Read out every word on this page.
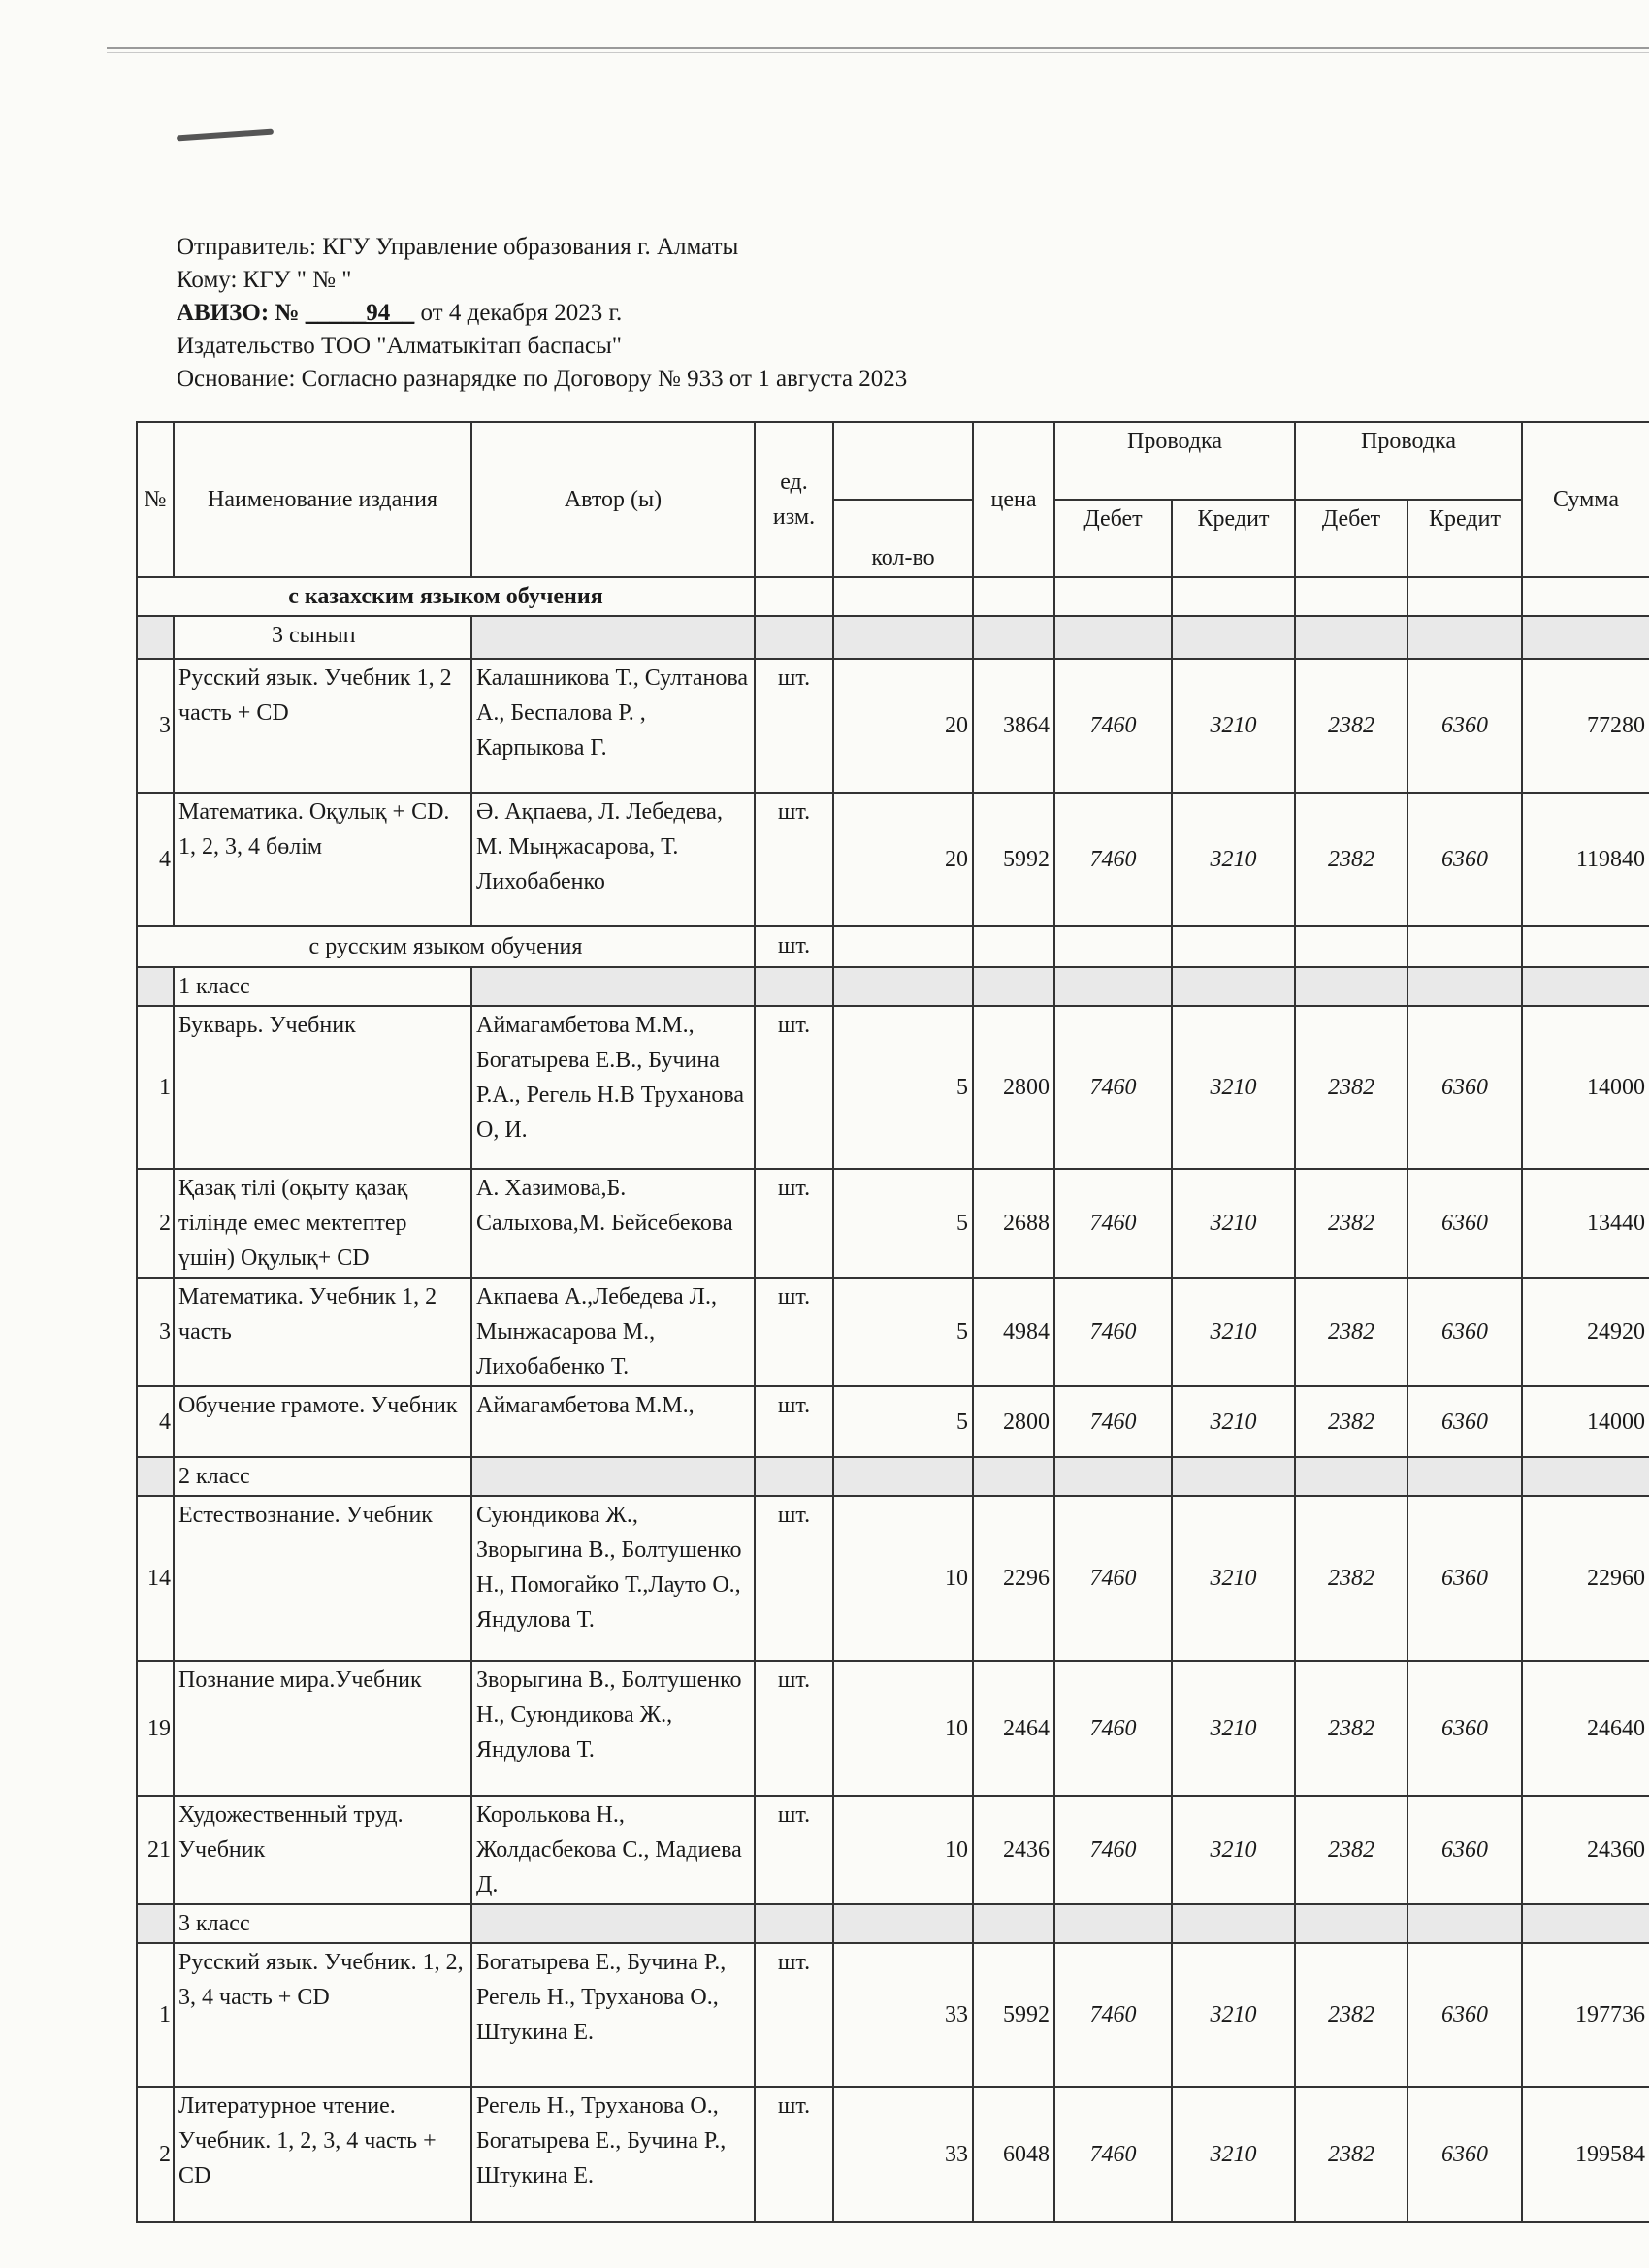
Отправитель: КГУ Управление образования г. Алматы
Кому: КГУ " № "
АВИЗО: № _____94__ от 4 декабря 2023 г.
Издательство ТОО "Алматыкітап баспасы"
Основание: Согласно разнарядке по Договору № 933 от 1 августа 2023
№	Наименование издания	Автор (ы)	ед. изм.		цена	Проводка		Проводка		Сумма
				кол-во		Дебет	Кредит	Дебет	Кредит	
с казахским языком обучения										
	3 сынып									
3	Русский язык. Учебник 1, 2 часть + CD	Калашникова Т., Султанова А., Беспалова Р. , Карпыкова Г.	шт.	20	3864	7460	3210	2382	6360	77280
4	Математика. Оқулық + CD. 1, 2, 3, 4 бөлім	Ә. Ақпаева, Л. Лебедева, М. Мыңжасарова, Т. Лихобабенко	шт.	20	5992	7460	3210	2382	6360	119840
с русским языком обучения			шт.							
	1 класс									
1	Букварь. Учебник	Аймагамбетова М.М., Богатырева Е.В., Бучина Р.А., Регель Н.В Труханова О, И.	шт.	5	2800	7460	3210	2382	6360	14000
2	Қазақ тілі (оқыту қазақ тілінде емес мектептер үшін) Оқулық+ CD	А. Хазимова,Б. Салыхова,М. Бейсебекова	шт.	5	2688	7460	3210	2382	6360	13440
3	Математика. Учебник 1, 2 часть	Акпаева А.,Лебедева Л., Мынжасарова М., Лихобабенко Т.	шт.	5	4984	7460	3210	2382	6360	24920
4	Обучение грамоте. Учебник	Аймагамбетова М.М.,	шт.	5	2800	7460	3210	2382	6360	14000
	2 класс									
14	Естествознание. Учебник	Суюндикова Ж., Зворыгина В., Болтушенко Н., Помогайко Т.,Лауто О., Яндулова Т.	шт.	10	2296	7460	3210	2382	6360	22960
19	Познание мира.Учебник	Зворыгина В., Болтушенко Н., Суюндикова Ж., Яндулова Т.	шт.	10	2464	7460	3210	2382	6360	24640
21	Художественный труд. Учебник	Королькова Н., Жолдасбекова С., Мадиева Д.	шт.	10	2436	7460	3210	2382	6360	24360
	3 класс									
1	Русский язык. Учебник. 1, 2, 3, 4 часть + CD	Богатырева Е., Бучина Р., Регель Н., Труханова О., Штукина Е.	шт.	33	5992	7460	3210	2382	6360	197736
2	Литературное чтение. Учебник. 1, 2, 3, 4 часть + CD	Регель Н., Труханова О., Богатырева Е., Бучина Р., Штукина Е.	шт.	33	6048	7460	3210	2382	6360	199584
